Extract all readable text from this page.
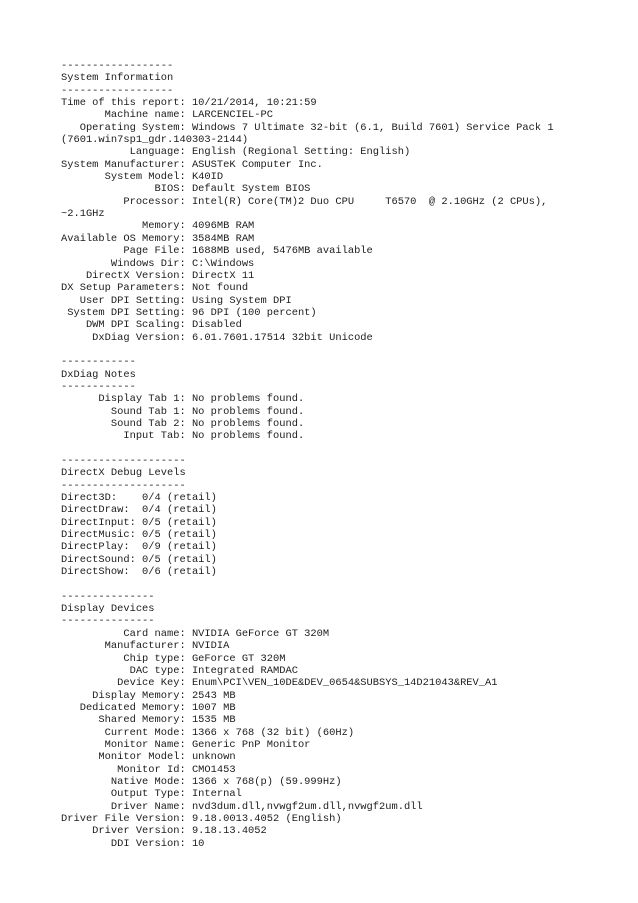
------------------
System Information
------------------
Time of this report: 10/21/2014, 10:21:59
Machine name: LARCENCIEL-PC
Operating System: Windows 7 Ultimate 32-bit (6.1, Build 7601) Service Pack 1
(7601.win7sp1_gdr.140303-2144)
Language: English (Regional Setting: English)
System Manufacturer: ASUSTeK Computer Inc.
System Model: K40ID
BIOS: Default System BIOS
Processor: Intel(R) Core(TM)2 Duo CPU     T6570  @ 2.10GHz (2 CPUs),
~2.1GHz
Memory: 4096MB RAM
Available OS Memory: 3584MB RAM
Page File: 1688MB used, 5476MB available
Windows Dir: C:\Windows
DirectX Version: DirectX 11
DX Setup Parameters: Not found
User DPI Setting: Using System DPI
System DPI Setting: 96 DPI (100 percent)
DWM DPI Scaling: Disabled
DxDiag Version: 6.01.7601.17514 32bit Unicode
------------
DxDiag Notes
------------
Display Tab 1: No problems found.
Sound Tab 1: No problems found.
Sound Tab 2: No problems found.
Input Tab: No problems found.
--------------------
DirectX Debug Levels
--------------------
Direct3D:    0/4 (retail)
DirectDraw:  0/4 (retail)
DirectInput: 0/5 (retail)
DirectMusic: 0/5 (retail)
DirectPlay:  0/9 (retail)
DirectSound: 0/5 (retail)
DirectShow:  0/6 (retail)
---------------
Display Devices
---------------
Card name: NVIDIA GeForce GT 320M
Manufacturer: NVIDIA
Chip type: GeForce GT 320M
DAC type: Integrated RAMDAC
Device Key: Enum\PCI\VEN_10DE&DEV_0654&SUBSYS_14D21043&REV_A1
Display Memory: 2543 MB
Dedicated Memory: 1007 MB
Shared Memory: 1535 MB
Current Mode: 1366 x 768 (32 bit) (60Hz)
Monitor Name: Generic PnP Monitor
Monitor Model: unknown
Monitor Id: CMO1453
Native Mode: 1366 x 768(p) (59.999Hz)
Output Type: Internal
Driver Name: nvd3dum.dll,nvwgf2um.dll,nvwgf2um.dll
Driver File Version: 9.18.0013.4052 (English)
Driver Version: 9.18.13.4052
DDI Version: 10
